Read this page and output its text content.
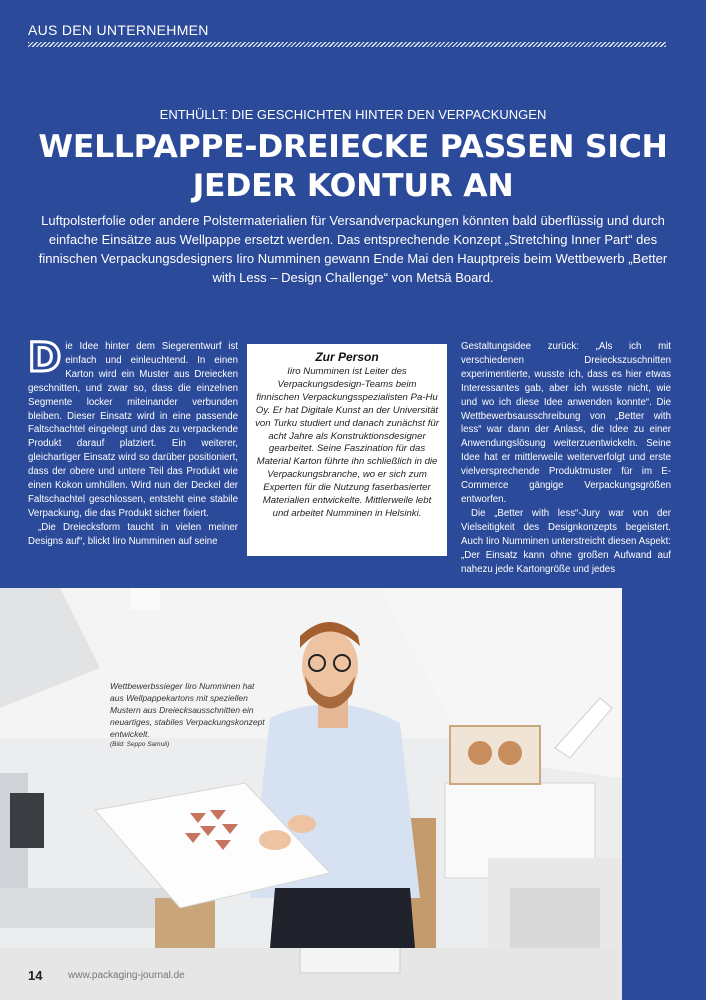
AUS DEN UNTERNEHMEN
ENTHÜLLT: DIE GESCHICHTEN HINTER DEN VERPACKUNGEN
WELLPAPPE-DREIECKE PASSEN SICH
JEDER KONTUR AN

Luftpolsterfolie oder andere Polstermaterialien für Versandverpackungen könnten bald überflüssig und durch einfache Einsätze aus Wellpappe ersetzt werden. Das entsprechende Konzept „Stretching Inner Part“ des finnischen Verpackungsdesigners Iiro Numminen gewann Ende Mai den Hauptpreis beim Wettbewerb „Better with Less – Design Challenge“ von Metsä Board.

D ie Idee hinter dem Siegerentwurf ist einfach und einleuchtend. In einen Karton wird ein Muster aus Dreiecken geschnitten, und zwar so, dass die einzelnen Segmente locker miteinander verbunden bleiben. Dieser Einsatz wird in eine passende Faltschachtel eingelegt und das zu verpackende Produkt darauf platziert. Ein weiterer, gleichartiger Einsatz wird so darüber positioniert, dass der obere und untere Teil das Produkt wie einen Kokon umhüllen. Wird nun der Deckel der Faltschachtel geschlossen, entsteht eine stabile Verpackung, die das Produkt sicher fixiert.

„Die Dreiecksform taucht in vielen meiner Designs auf“, blickt Iiro Numminen auf seine

Zur Person

Iiro Numminen ist Leiter des Verpackungsdesign-Teams beim finnischen Verpackungsspezialisten Pa-Hu Oy. Er hat Digitale Kunst an der Universität von Turku studiert und danach zunächst für acht Jahre als Konstruktionsdesigner gearbeitet. Seine Faszination für das Material Karton führte ihn schließlich in die Verpackungsbranche, wo er sich zum Experten für die Nutzung faserbasierter Materialien entwickelte. Mittlerweile lebt und arbeitet Numminen in Helsinki.

Gestaltungsidee zurück: „Als ich mit verschiedenen Dreieckszuschnitten experimentierte, wusste ich, dass es hier etwas Interessantes gab, aber ich wusste nicht, wie und wo ich diese Idee anwenden konnte“. Die Wettbewerbsausschreibung von „Better with less“ war dann der Anlass, die Idee zu einer Anwendungslösung weiterzuentwickeln. Seine Idee hat er mittlerweile weiterverfolgt und erste vielversprechende Produktmuster für im E-Commerce gängige Verpackungsgrößen entworfen.

Die „Better with less“-Jury war von der Vielseitigkeit des Designkonzepts begeistert. Auch Iiro Numminen unterstreicht diesen Aspekt: „Der Einsatz kann ohne großen Aufwand auf nahezu jede Kartongröße und jedes

Wettbewerbssieger Iiro Numminen hat aus Wellpappekartons mit speziellen Mustern aus Dreiecksausschnitten ein neuartiges, stabiles Verpackungskonzept entwickelt.
(Bild: Seppo Samuli)

14	www.packaging-journal.de
